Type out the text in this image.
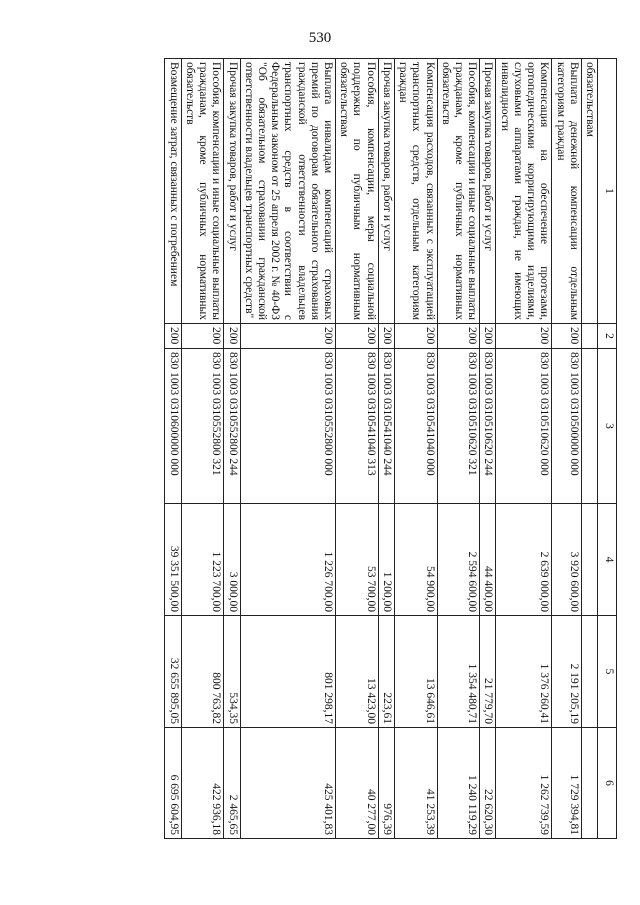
530
1	2	3	4	5	6
обязательствам					
Выплата денежной компенсации отдельным категориям граждан	200	830 1003 0310500000 000	3 920 600,00	2 191 205,19	1 729 394,81
Компенсация на обеспечение протезами, ортопедическими корригирующими изделиями, слуховыми аппаратами граждан, не имеющих инвалидности	200	830 1003 0310510620 000	2 639 000,00	1 376 260,41	1 262 739,59
Прочая закупка товаров, работ и услуг	200	830 1003 0310510620 244	44 400,00	21 779,70	22 620,30
Пособия, компенсации и иные социальные выплаты гражданам, кроме публичных нормативных обязательств	200	830 1003 0310510620 321	2 594 600,00	1 354 480,71	1 240 119,29
Компенсация расходов, связанных с эксплуатацией транспортных средств, отдельным категориям граждан	200	830 1003 0310541040 000	54 900,00	13 646,61	41 253,39
Прочая закупка товаров, работ и услуг	200	830 1003 0310541040 244	1 200,00	223,61	976,39
Пособия, компенсации, меры социальной поддержки по публичным нормативным обязательствам	200	830 1003 0310541040 313	53 700,00	13 423,00	40 277,00
Выплата инвалидам компенсаций страховых премий по договорам обязательного страхования гражданской ответственности владельцев транспортных средств в соответствии с Федеральным законом от 25 апреля 2002 г. № 40-ФЗ "Об обязательном страховании гражданской ответственности владельцев транспортных средств"	200	830 1003 0310552800 000	1 226 700,00	801 298,17	425 401,83
Прочая закупка товаров, работ и услуг	200	830 1003 0310552800 244	3 000,00	534,35	2 465,65
Пособия, компенсации и иные социальные выплаты гражданам, кроме публичных нормативных обязательств	200	830 1003 0310552800 321	1 223 700,00	800 763,82	422 936,18
Возмещение затрат, связанных с погребением	200	830 1003 0310600000 000	39 351 500,00	32 655 895,05	6 695 604,95
